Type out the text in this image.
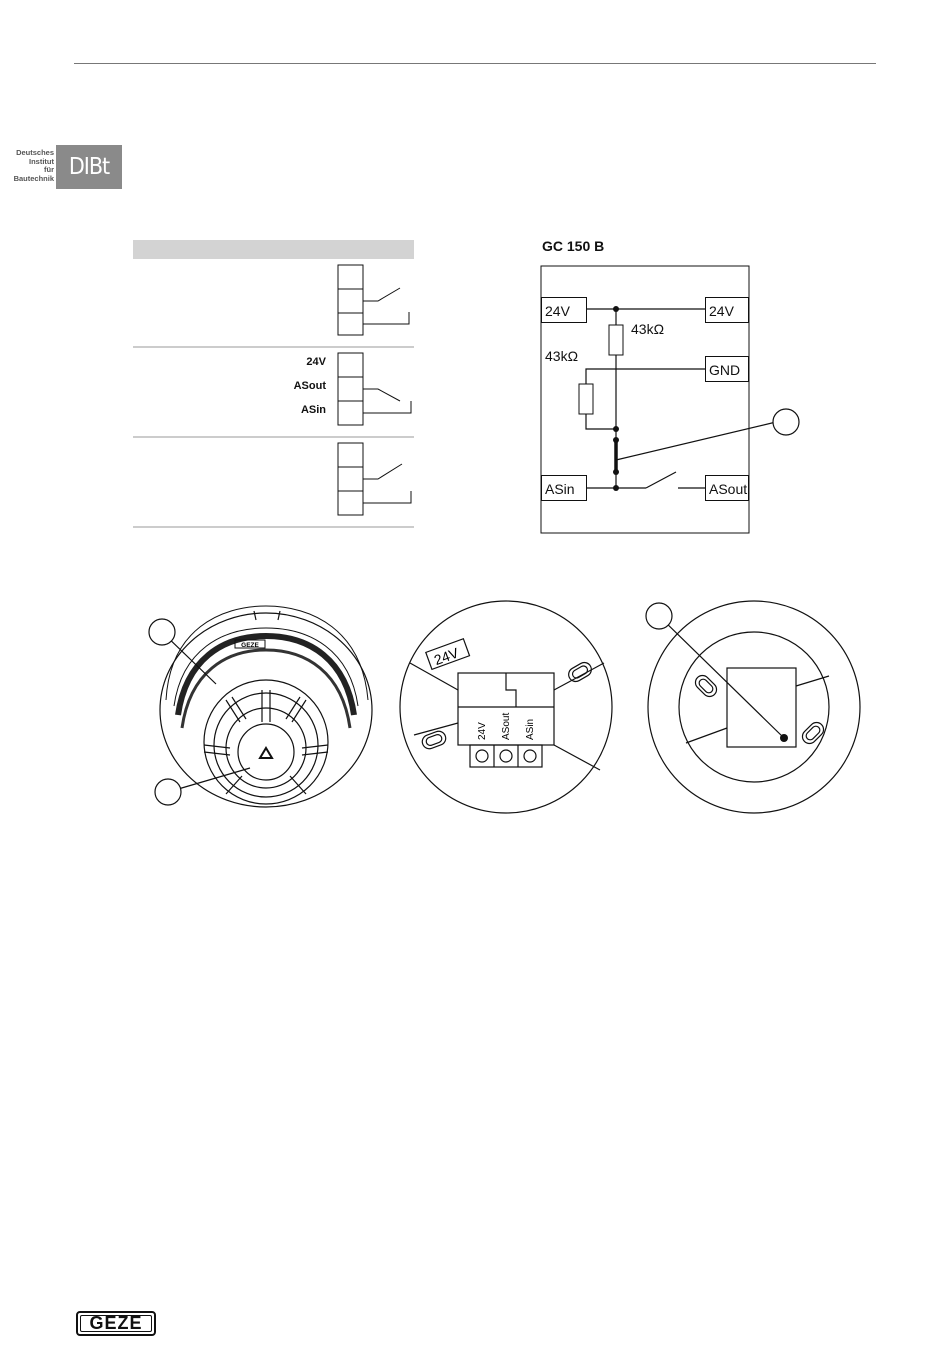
Deutsches
Institut
für
Bautechnik DIBt
GEZE	24V
24V ASout ASin
24V
ASout
ASin
GC 150 B
24V	24V
GND
ASin	ASout
43kΩ
43kΩ
GEZE
